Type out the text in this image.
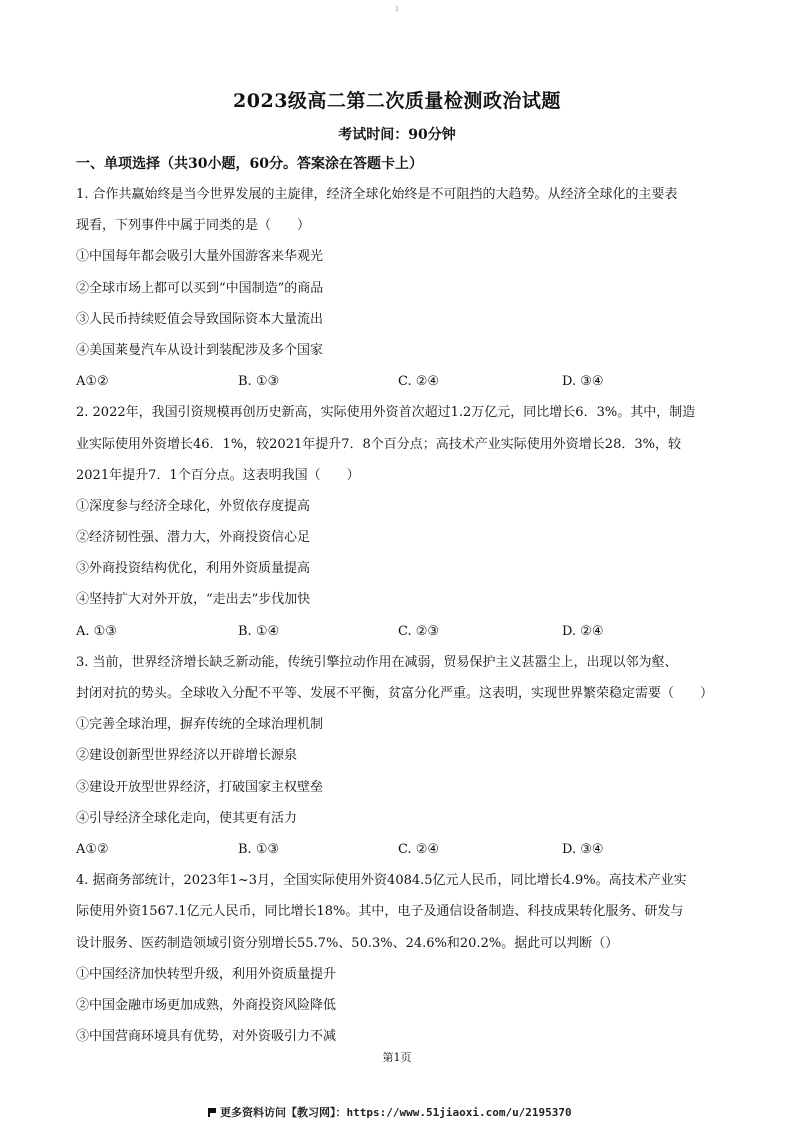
1
2023级高二第二次质量检测政治试题
考试时间：90分钟
一、单项选择（共30小题，60分。答案涂在答题卡上）
1. 合作共赢始终是当今世界发展的主旋律，经济全球化始终是不可阻挡的大趋势。从经济全球化的主要表
现看，下列事件中属于同类的是（　　）
①中国每年都会吸引大量外国游客来华观光
②全球市场上都可以买到“中国制造”的商品
③人民币持续贬值会导致国际资本大量流出
④美国莱曼汽车从设计到装配涉及多个国家
A①②	B. ①③	C. ②④	D. ③④
2. 2022年，我国引资规模再创历史新高，实际使用外资首次超过1.2万亿元，同比增长6．3%。其中，制造
业实际使用外资增长46．1%，较2021年提升7．8个百分点；高技术产业实际使用外资增长28．3%，较
2021年提升7．1个百分点。这表明我国（　　）
①深度参与经济全球化，外贸依存度提高
②经济韧性强、潜力大，外商投资信心足
③外商投资结构优化，利用外资质量提高
④坚持扩大对外开放，“走出去”步伐加快
A. ①③	B. ①④	C. ②③	D. ②④
3. 当前，世界经济增长缺乏新动能，传统引擎拉动作用在减弱，贸易保护主义甚嚣尘上，出现以邻为壑、
封闭对抗的势头。全球收入分配不平等、发展不平衡，贫富分化严重。这表明，实现世界繁荣稳定需要（　　）
①完善全球治理，摒弃传统的全球治理机制
②建设创新型世界经济以开辟增长源泉
③建设开放型世界经济，打破国家主权壁垒
④引导经济全球化走向，使其更有活力
A①②	B. ①③	C. ②④	D. ③④
4. 据商务部统计，2023年1~3月，全国实际使用外资4084.5亿元人民币，同比增长4.9%。高技术产业实
际使用外资1567.1亿元人民币，同比增长18%。其中，电子及通信设备制造、科技成果转化服务、研发与
设计服务、医药制造领域引资分别增长55.7%、50.3%、24.6%和20.2%。据此可以判断（）
①中国经济加快转型升级，利用外资质量提升
②中国金融市场更加成熟，外商投资风险降低
③中国营商环境具有优势，对外资吸引力不减
第1页
更多资料访问【教习网】：https://www.51jiaoxi.com/u/2195370
